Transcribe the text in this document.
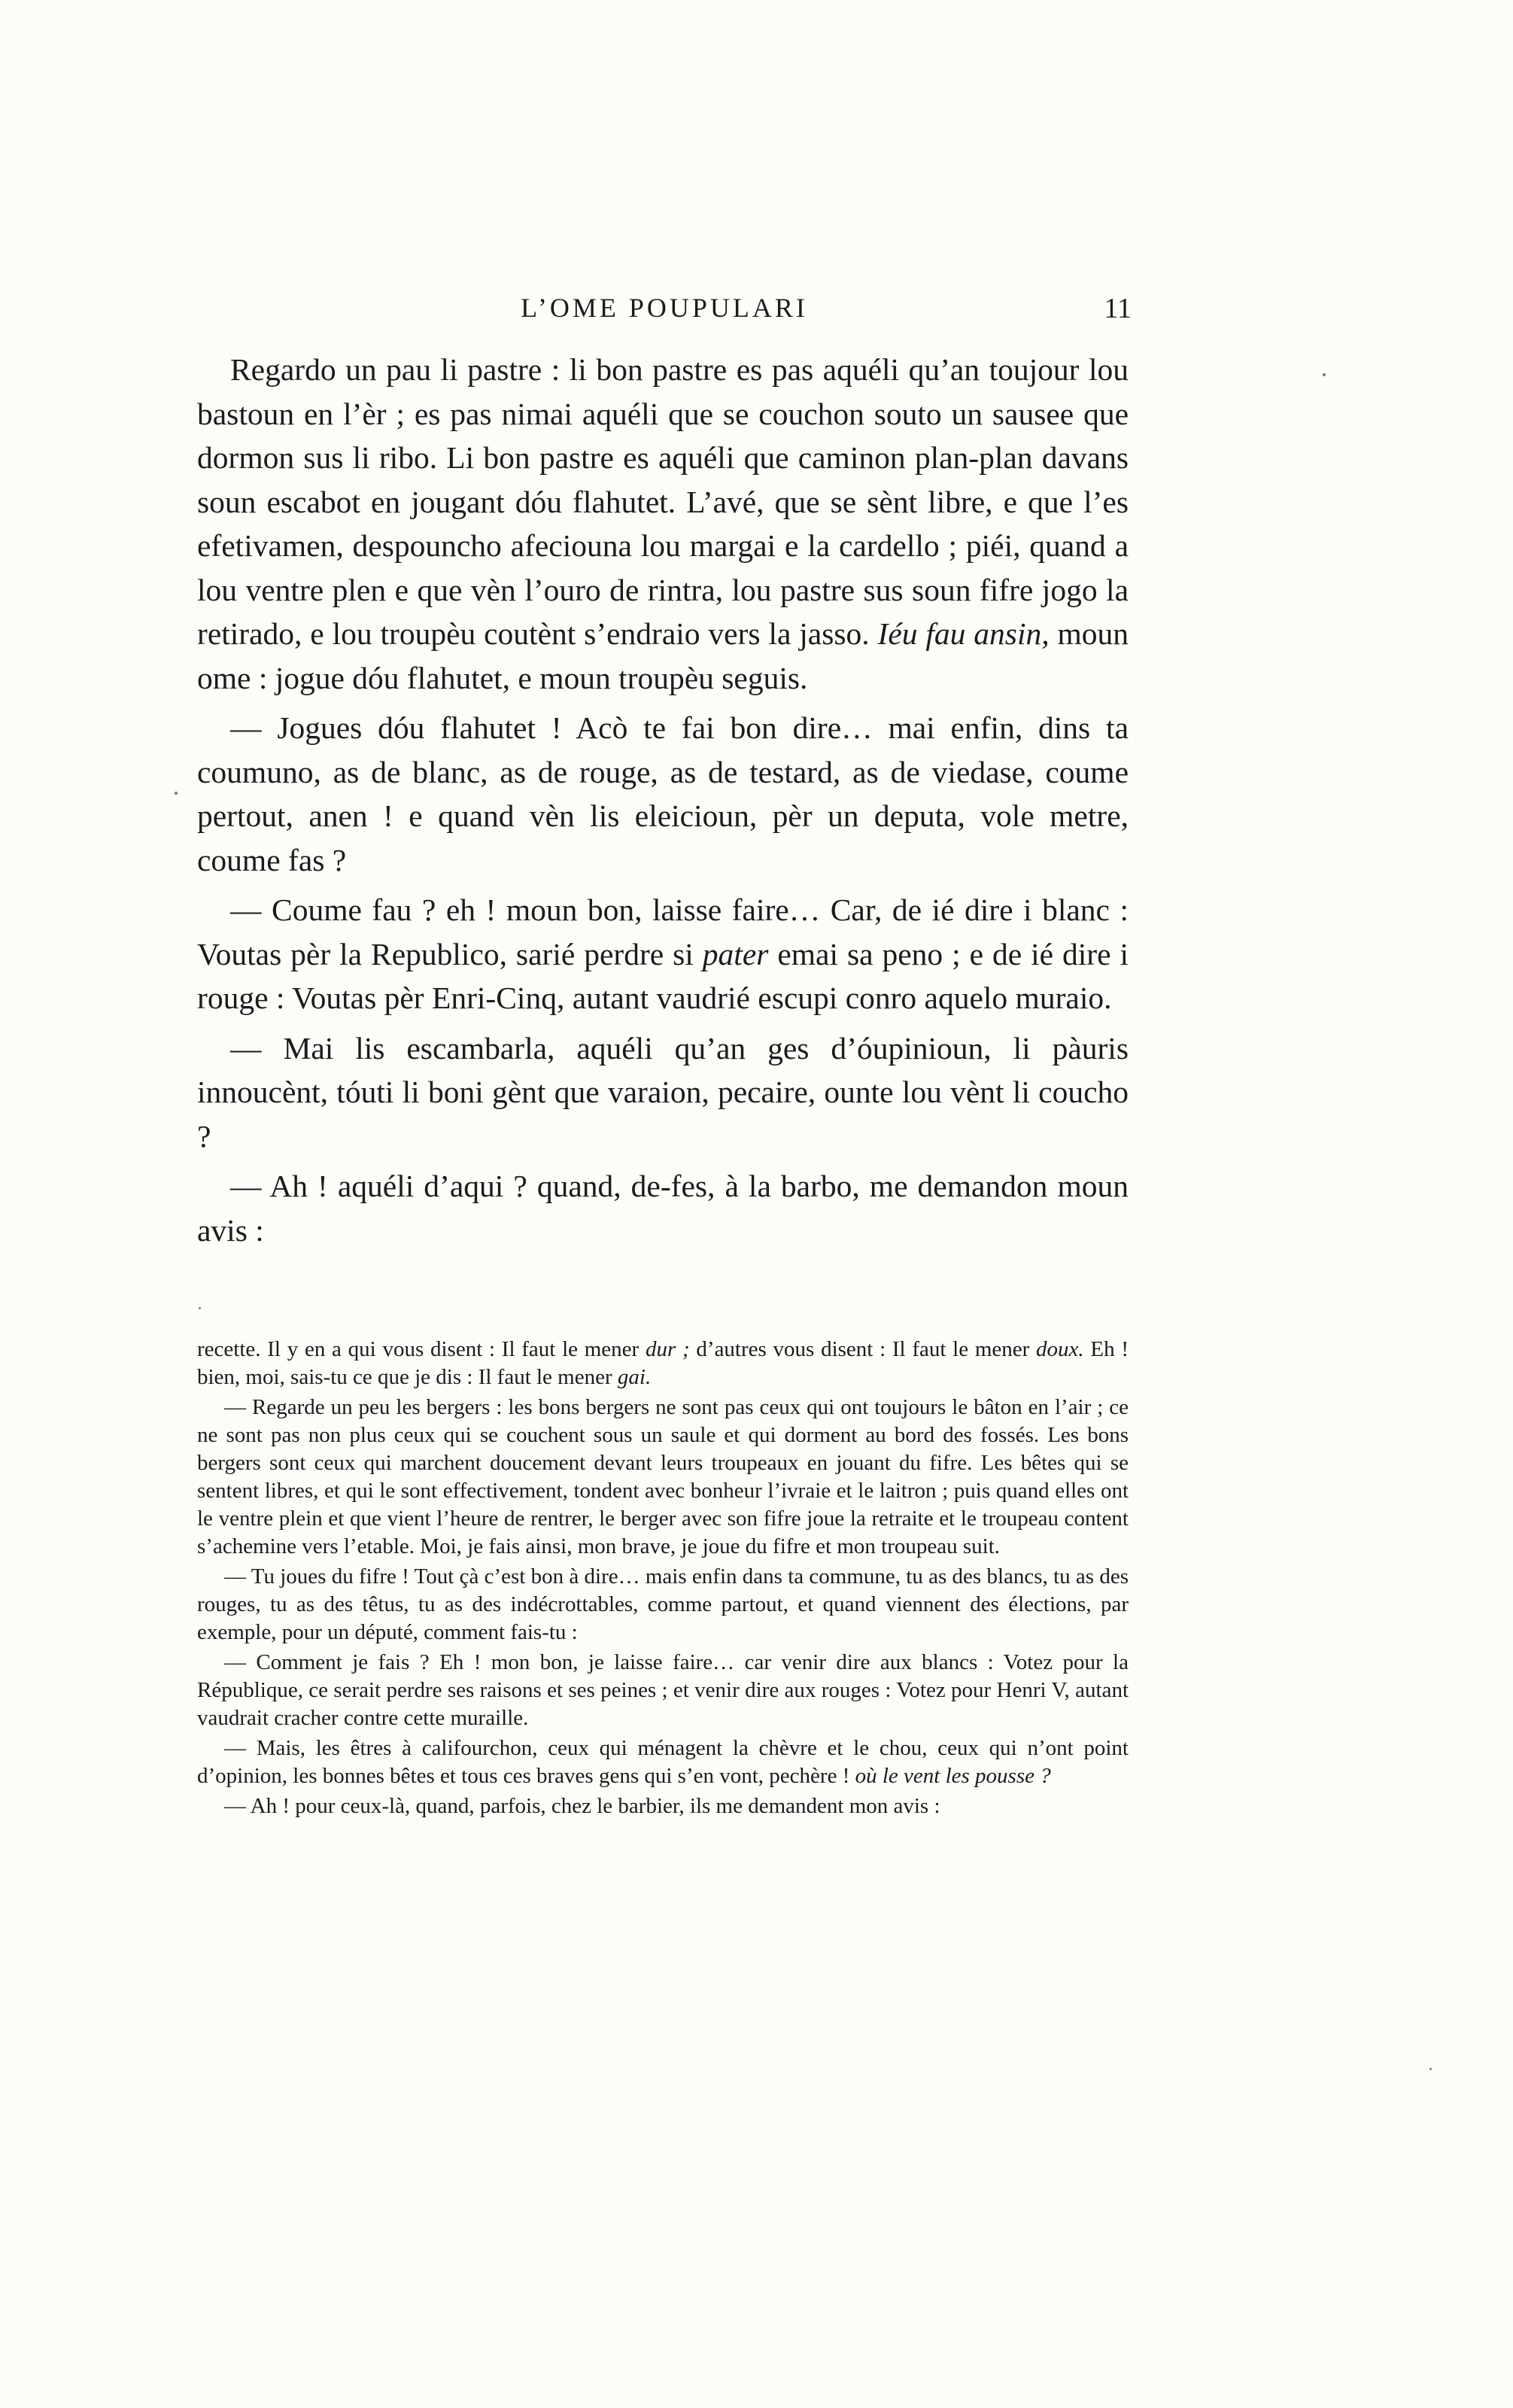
L’OME POUPULARI	11

Regardo un pau li pastre : li bon pastre es pas aquéli qu’an toujour lou bastoun en l’èr ; es pas nimai aquéli que se couchon souto un sausee que dormon sus li ribo. Li bon pastre es aquéli que caminon plan-plan davans soun escabot en jougant dóu flahutet. L’avé, que se sènt libre, e que l’es efetivamen, despouncho afeciouna lou margai e la cardello ; piéi, quand a lou ventre plen e que vèn l’ouro de rintra, lou pastre sus soun fifre jogo la retirado, e lou troupèu coutènt s’endraio vers la jasso. Iéu fau ansin, moun ome : jogue dóu flahutet, e moun troupèu seguis.

— Jogues dóu flahutet ! Acò te fai bon dire… mai enfin, dins ta coumuno, as de blanc, as de rouge, as de testard, as de viedase, coume pertout, anen ! e quand vèn lis eleicioun, pèr un deputa, vole metre, coume fas ?

— Coume fau ? eh ! moun bon, laisse faire… Car, de ié dire i blanc : Voutas pèr la Republico, sarié perdre si pater emai sa peno ; e de ié dire i rouge : Voutas pèr Enri-Cinq, autant vaudrié escupi conro aquelo muraio.

— Mai lis escambarla, aquéli qu’an ges d’óupinioun, li pàuris innoucènt, tóuti li boni gènt que varaion, pecaire, ounte lou vènt li coucho ?

— Ah ! aquéli d’aqui ? quand, de-fes, à la barbo, me demandon moun avis :

recette. Il y en a qui vous disent : Il faut le mener dur ; d’autres vous disent : Il faut le mener doux. Eh ! bien, moi, sais-tu ce que je dis : Il faut le mener gai.

— Regarde un peu les bergers : les bons bergers ne sont pas ceux qui ont toujours le bâton en l’air ; ce ne sont pas non plus ceux qui se couchent sous un saule et qui dorment au bord des fossés. Les bons bergers sont ceux qui marchent doucement devant leurs troupeaux en jouant du fifre. Les bêtes qui se sentent libres, et qui le sont effectivement, tondent avec bonheur l’ivraie et le laitron ; puis quand elles ont le ventre plein et que vient l’heure de rentrer, le berger avec son fifre joue la retraite et le troupeau content s’achemine vers l’etable. Moi, je fais ainsi, mon brave, je joue du fifre et mon troupeau suit.

— Tu joues du fifre ! Tout çà c’est bon à dire… mais enfin dans ta commune, tu as des blancs, tu as des rouges, tu as des têtus, tu as des indécrottables, comme partout, et quand viennent des élections, par exemple, pour un député, comment fais-tu :

— Comment je fais ? Eh ! mon bon, je laisse faire… car venir dire aux blancs : Votez pour la République, ce serait perdre ses raisons et ses peines ; et venir dire aux rouges : Votez pour Henri V, autant vaudrait cracher contre cette muraille.

— Mais, les êtres à califourchon, ceux qui ménagent la chèvre et le chou, ceux qui n’ont point d’opinion, les bonnes bêtes et tous ces braves gens qui s’en vont, pechère ! où le vent les pousse ?

— Ah ! pour ceux-là, quand, parfois, chez le barbier, ils me demandent mon avis :
